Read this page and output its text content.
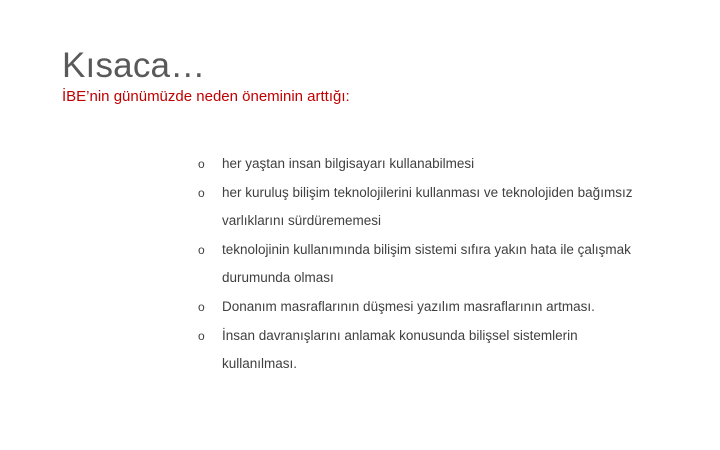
Kısaca…
İBE’nin günümüzde neden öneminin arttığı:
o her yaştan insan bilgisayarı kullanabilmesi
o her kuruluş bilişim teknolojilerini kullanması ve teknolojiden bağımsız
varlıklarını sürdürememesi
o teknolojinin kullanımında bilişim sistemi sıfıra yakın hata ile çalışmak
durumunda olması
o Donanım masraflarının düşmesi yazılım masraflarının artması.
o İnsan davranışlarını anlamak konusunda bilişsel sistemlerin
kullanılması.
